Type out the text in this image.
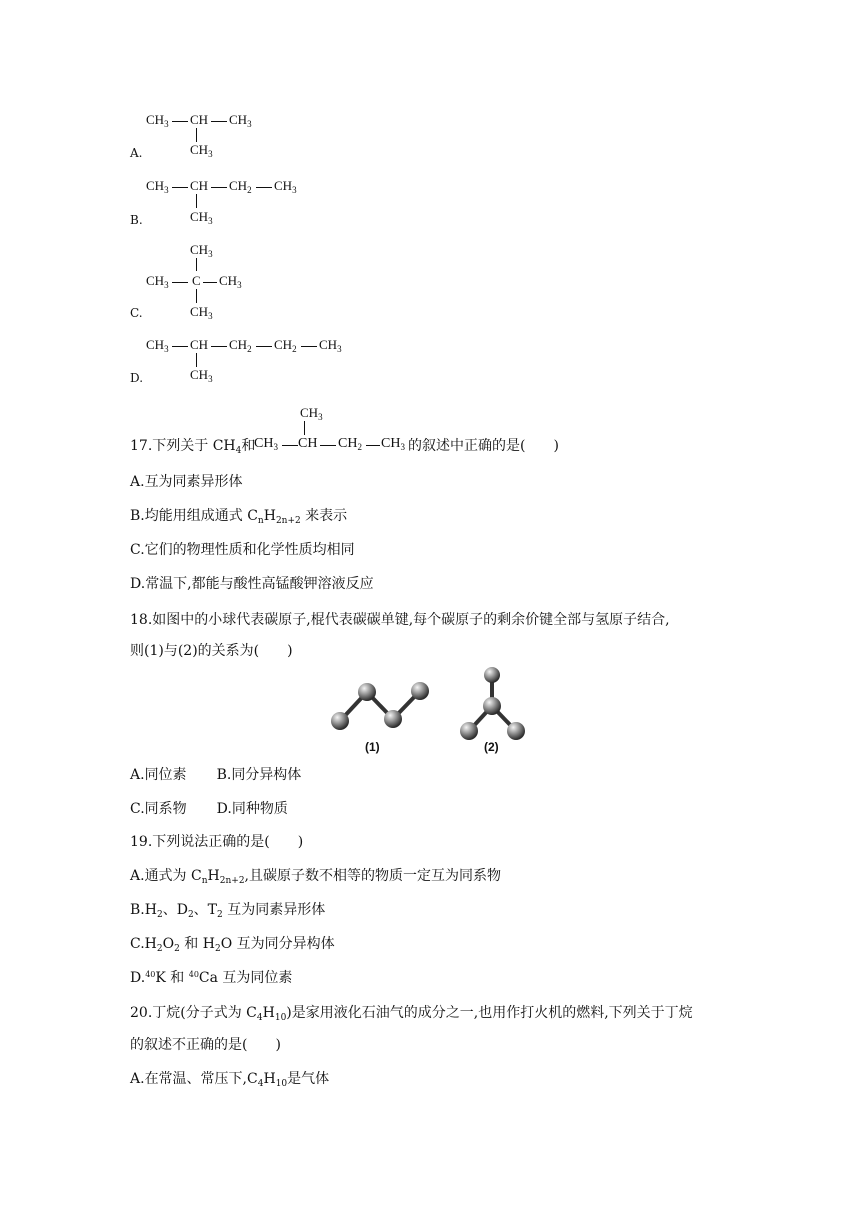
$CH_3$ CH $CH_3$
$CH_3$
A.
$CH_3$ CH $CH_2$ $CH_3$
$CH_3$
B.
$CH_3$
$CH_3$ C $CH_3$
$CH_3$
C.
$CH_3$ CH $CH_2$ $CH_2$ $CH_3$
$CH_3$
D.
17.下列关于 $CH_4$和
$CH_3$
$CH_3$ CH $CH_2$ $CH_3$ 的叙述中正确的是(　　)
A.互为同素异形体
B.均能用组成通式 $C_nH_{2n+2}$ 来表示
C.它们的物理性质和化学性质均相同
D.常温下,都能与酸性高锰酸钾溶液反应
18.如图中的小球代表碳原子,棍代表碳碳单键,每个碳原子的剩余价键全部与氢原子结合,
则(1)与(2)的关系为(　　)
(1)	(2)
A.同位素 B.同分异构体
C.同系物 D.同种物质
19.下列说法正确的是(　　)
A.通式为 $C_nH_{2n+2}$,且碳原子数不相等的物质一定互为同系物
$B.H_2$、$D_2$、$T_2$ 互为同素异形体
$C.H_2O_2$ 和 $H_2O$ 互为同分异构体
D.$^{40}$K 和 $^{40}$Ca 互为同位素
20.丁烷(分子式为 $C_4H_{10}$)是家用液化石油气的成分之一,也用作打火机的燃料,下列关于丁烷
的叙述不正确的是(　　)
A.在常温、常压下$,C_4H_{10}$是气体
